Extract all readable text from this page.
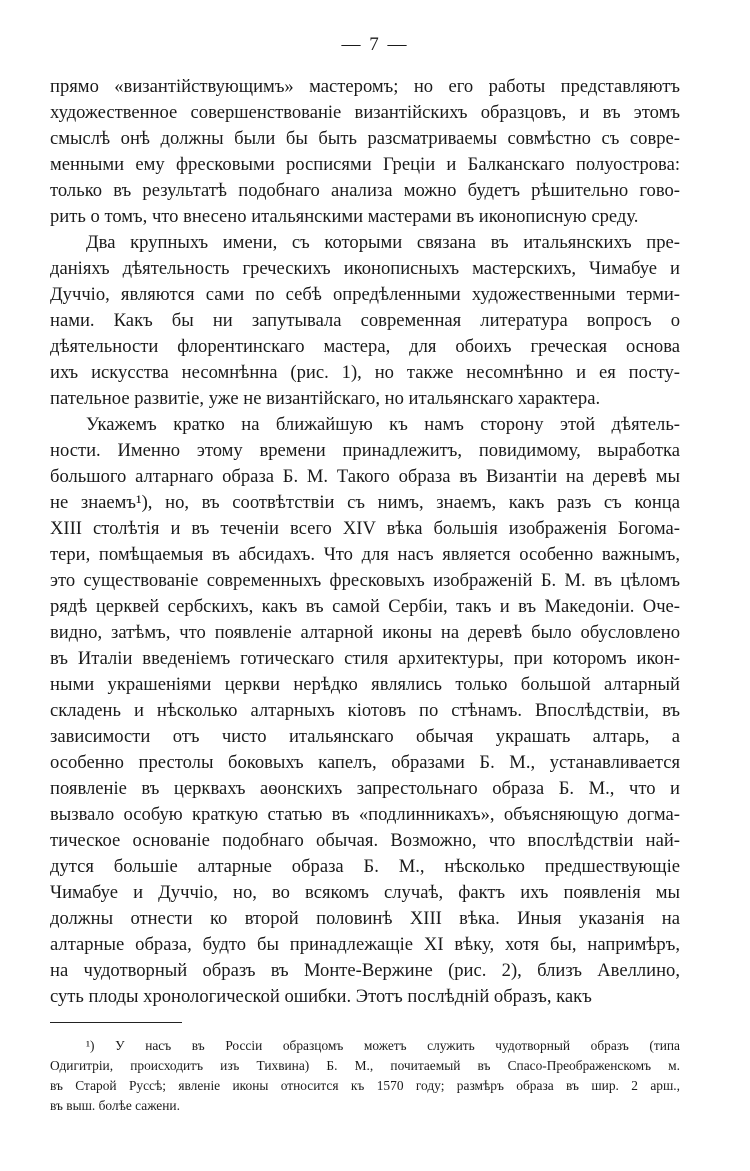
— 7 —
прямо «византійствующимъ» мастеромъ; но его работы представляютъ
художественное совершенствованіе византійскихъ образцовъ, и въ этомъ
смыслѣ онѣ должны были бы быть разсматриваемы совмѣстно съ совре-
менными ему фресковыми росписями Греціи и Балканскаго полуострова:
только въ результатѣ подобнаго анализа можно будетъ рѣшительно гово-
рить о томъ, что внесено итальянскими мастерами въ иконописную среду.
Два крупныхъ имени, съ которыми связана въ итальянскихъ пре-
даніяхъ дѣятельность греческихъ иконописныхъ мастерскихъ, Чимабуе и
Дуччіо, являются сами по себѣ опредѣленными художественными терми-
нами. Какъ бы ни запутывала современная литература вопросъ о
дѣятельности флорентинскаго мастера, для обоихъ греческая основа
ихъ искусства несомнѣнна (рис. 1), но также несомнѣнно и ея посту-
пательное развитіе, уже не византійскаго, но итальянскаго характера.
Укажемъ кратко на ближайшую къ намъ сторону этой дѣятель-
ности. Именно этому времени принадлежитъ, повидимому, выработка
большого алтарнаго образа Б. М. Такого образа въ Византіи на деревѣ мы
не знаемъ¹), но, въ соотвѣтствіи съ нимъ, знаемъ, какъ разъ съ конца
XIII столѣтія и въ теченіи всего XIV вѣка большія изображенія Богома-
тери, помѣщаемыя въ абсидахъ. Что для насъ является особенно важнымъ,
это существованіе современныхъ фресковыхъ изображеній Б. М. въ цѣломъ
рядѣ церквей сербскихъ, какъ въ самой Сербіи, такъ и въ Македоніи. Оче-
видно, затѣмъ, что появленіе алтарной иконы на деревѣ было обусловлено
въ Италіи введеніемъ готическаго стиля архитектуры, при которомъ икон-
ными украшеніями церкви нерѣдко являлись только большой алтарный
складень и нѣсколько алтарныхъ кіотовъ по стѣнамъ. Впослѣдствіи, въ
зависимости отъ чисто итальянскаго обычая украшать алтарь, а
особенно престолы боковыхъ капелъ, образами Б. М., устанавливается
появленіе въ церквахъ аѳонскихъ запрестольнаго образа Б. М., что и
вызвало особую краткую статью въ «подлинникахъ», объясняющую догма-
тическое основаніе подобнаго обычая. Возможно, что впослѣдствіи най-
дутся большіе алтарные образа Б. М., нѣсколько предшествующіе
Чимабуе и Дуччіо, но, во всякомъ случаѣ, фактъ ихъ появленія мы
должны отнести ко второй половинѣ XIII вѣка. Иныя указанія на
алтарные образа, будто бы принадлежащіе XI вѣку, хотя бы, напримѣръ,
на чудотворный образъ въ Монте-Вержине (рис. 2), близъ Авеллино,
суть плоды хронологической ошибки. Этотъ послѣдній образъ, какъ
¹) У насъ въ Россіи образцомъ можетъ служить чудотворный образъ (типа
Одигитріи, происходитъ изъ Тихвина) Б. М., почитаемый въ Спасо-Преображенскомъ м.
въ Старой Руссѣ; явленіе иконы относится къ 1570 году; размѣръ образа въ шир. 2 арш.,
въ выш. болѣе сажени.
